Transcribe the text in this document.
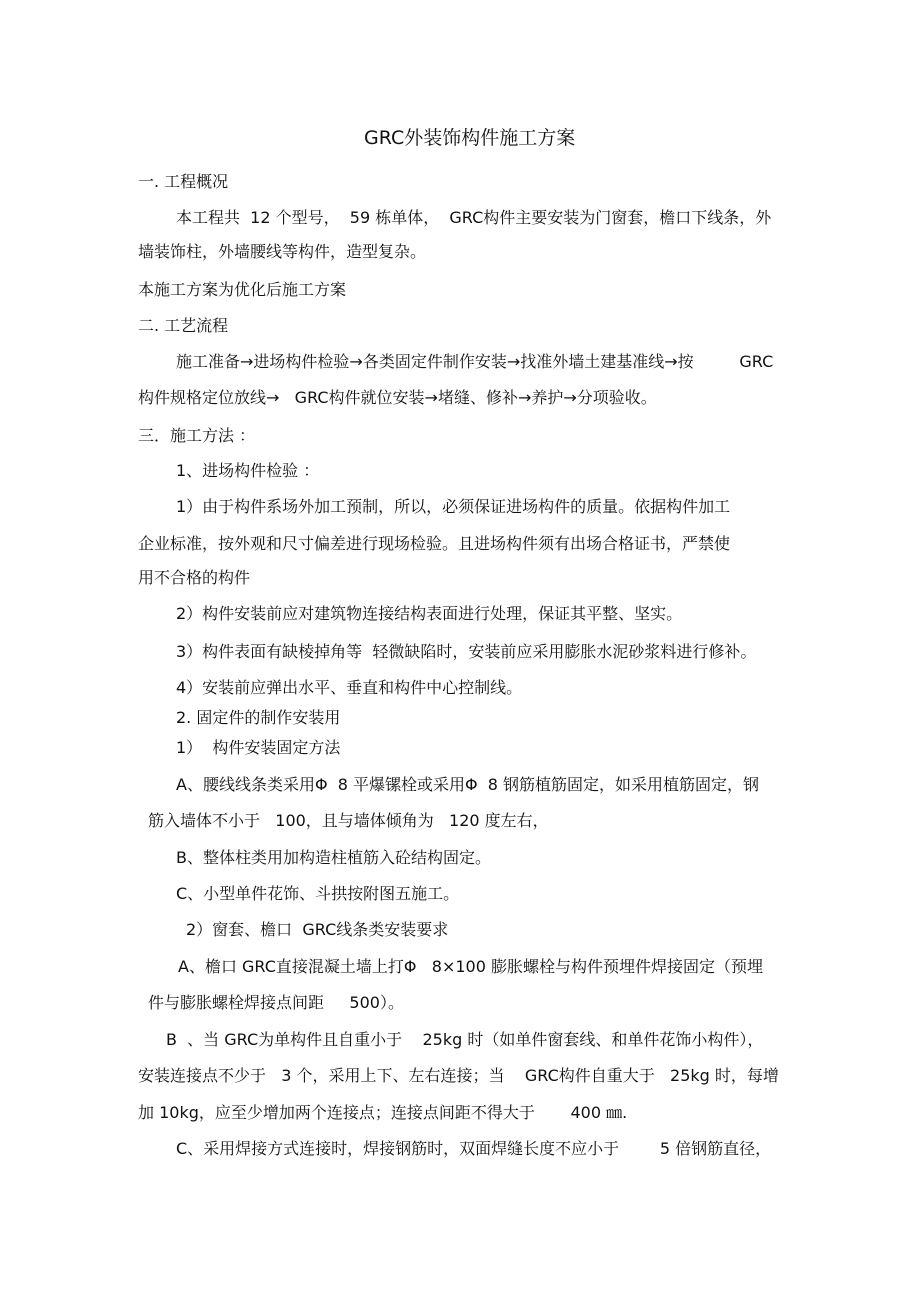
GRC外装饰构件施工方案
一. 工程概况
本工程共  12 个型号，  59 栋单体，  GRC构件主要安装为门窗套，檐口下线条，外
墙装饰柱，外墙腰线等构件，造型复杂。
本施工方案为优化后施工方案
二. 工艺流程
施工准备→进场构件检验→各类固定件制作安装→找准外墙土建基准线→按         GRC
构件规格定位放线→   GRC构件就位安装→堵缝、修补→养护→分项验收。
三．施工方法 ：
1、进场构件检验 ：
1）由于构件系场外加工预制，所以，必须保证进场构件的质量。依据构件加工
企业标准，按外观和尺寸偏差进行现场检验。且进场构件须有出场合格证书，严禁使
用不合格的构件
2）构件安装前应对建筑物连接结构表面进行处理，保证其平整、坚实。
3）构件表面有缺棱掉角等  轻微缺陷时，安装前应采用膨胀水泥砂浆料进行修补。
4）安装前应弹出水平、垂直和构件中心控制线。
2. 固定件的制作安装用
1）  构件安装固定方法
A、腰线线条类采用Φ  8 平爆镙栓或采用Φ  8 钢筋植筋固定，如采用植筋固定，钢
筋入墙体不小于   100，且与墙体倾角为   120 度左右，
B、整体柱类用加构造柱植筋入砼结构固定。
C、小型单件花饰、斗拱按附图五施工。
2）窗套、檐口  GRC线条类安装要求
A、檐口 GRC直接混凝土墙上打Φ   8×100 膨胀螺栓与构件预埋件焊接固定（预埋
件与膨胀螺栓焊接点间距     500）。
B  、当 GRC为单构件且自重小于    25kg 时（如单件窗套线、和单件花饰小构件），
安装连接点不少于   3 个，采用上下、左右连接；当    GRC构件自重大于   25kg 时，每增
加 10kg，应至少增加两个连接点；连接点间距不得大于       400 ㎜.
C、采用焊接方式连接时，焊接钢筋时，双面焊缝长度不应小于        5 倍钢筋直径，
